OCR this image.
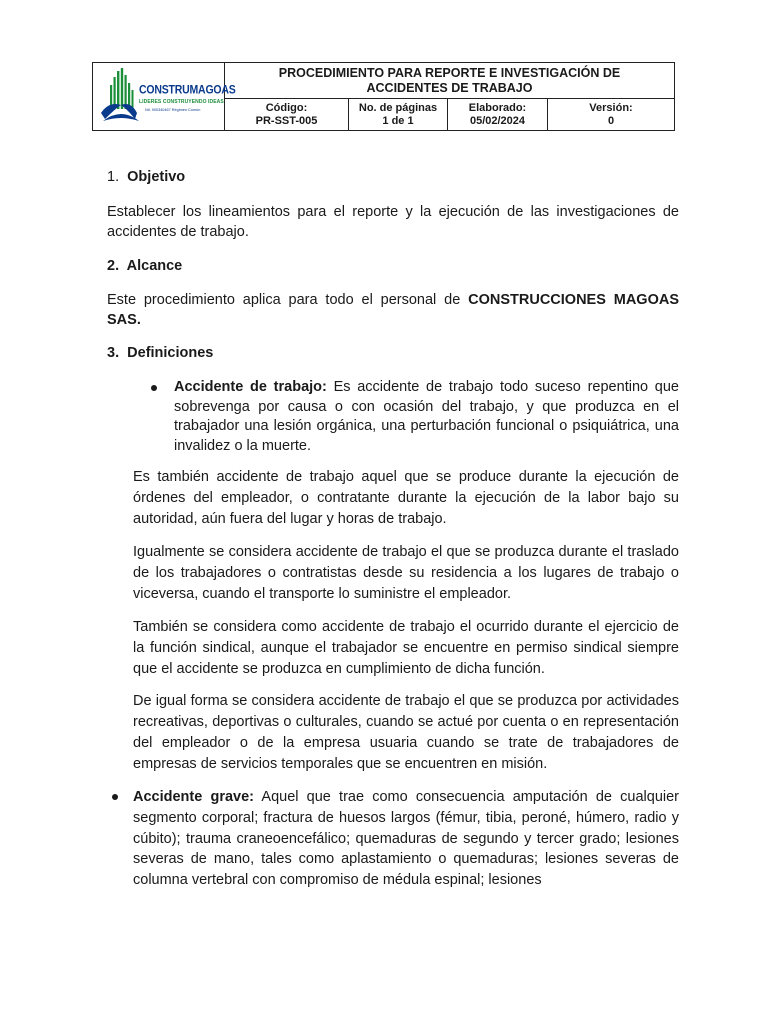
CONSTRUMAGOAS
LIDERES CONSTRUYENDO IDEAS
Nit. 900340467 Régimen Común
PROCEDIMIENTO PARA REPORTE E INVESTIGACIÓN DE ACCIDENTES DE TRABAJO
Código:
PR-SST-005
No. de páginas
1 de 1
Elaborado:
05/02/2024
Versión:
0
1. Objetivo
Establecer los lineamientos para el reporte y la ejecución de las investigaciones de accidentes de trabajo.
2. Alcance
Este procedimiento aplica para todo el personal de CONSTRUCCIONES MAGOAS SAS.
3. Definiciones
Accidente de trabajo: Es accidente de trabajo todo suceso repentino que sobrevenga por causa o con ocasión del trabajo, y que produzca en el trabajador una lesión orgánica, una perturbación funcional o psiquiátrica, una invalidez o la muerte.
Es también accidente de trabajo aquel que se produce durante la ejecución de órdenes del empleador, o contratante durante la ejecución de la labor bajo su autoridad, aún fuera del lugar y horas de trabajo.
Igualmente se considera accidente de trabajo el que se produzca durante el traslado de los trabajadores o contratistas desde su residencia a los lugares de trabajo o viceversa, cuando el transporte lo suministre el empleador.
También se considera como accidente de trabajo el ocurrido durante el ejercicio de la función sindical, aunque el trabajador se encuentre en permiso sindical siempre que el accidente se produzca en cumplimiento de dicha función.
De igual forma se considera accidente de trabajo el que se produzca por actividades recreativas, deportivas o culturales, cuando se actué por cuenta o en representación del empleador o de la empresa usuaria cuando se trate de trabajadores de empresas de servicios temporales que se encuentren en misión.
Accidente grave: Aquel que trae como consecuencia amputación de cualquier segmento corporal; fractura de huesos largos (fémur, tibia, peroné, húmero, radio y cúbito); trauma craneoencefálico; quemaduras de segundo y tercer grado; lesiones severas de mano, tales como aplastamiento o quemaduras; lesiones severas de columna vertebral con compromiso de médula espinal; lesiones
